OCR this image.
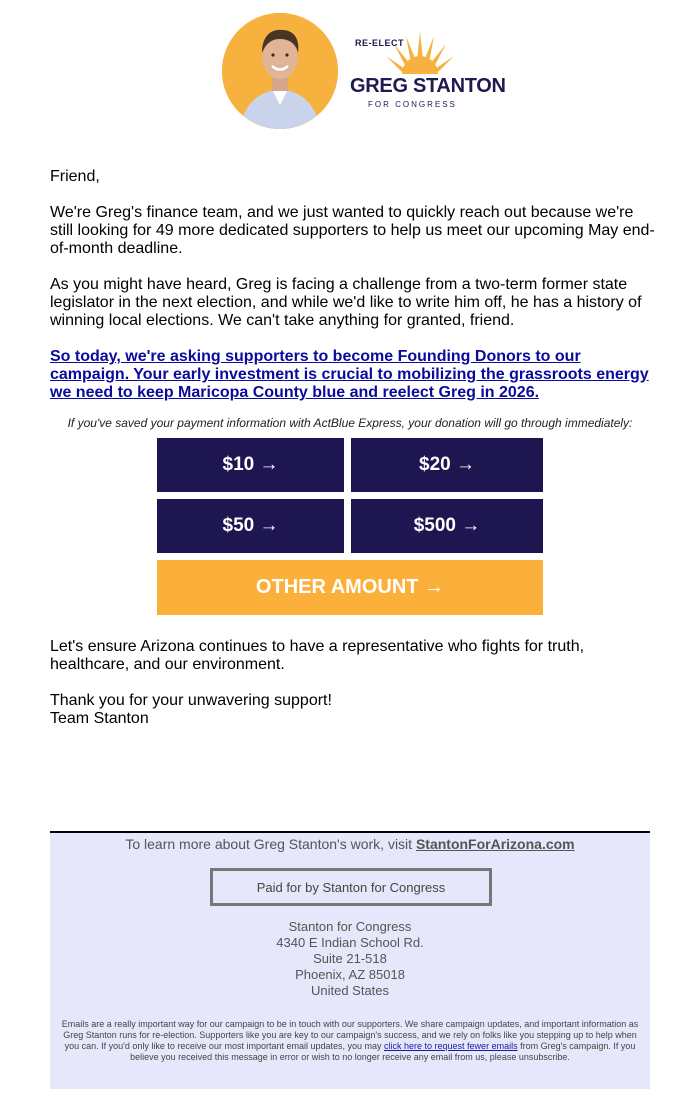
RE-ELECT
GREG STANTON
FOR CONGRESS

Friend,

We're Greg's finance team, and we just wanted to quickly reach out because we're still looking for 49 more dedicated supporters to help us meet our upcoming May end-of-month deadline.

As you might have heard, Greg is facing a challenge from a two-term former state legislator in the next election, and while we'd like to write him off, he has a history of winning local elections. We can't take anything for granted, friend.

So today, we're asking supporters to become Founding Donors to our campaign. Your early investment is crucial to mobilizing the grassroots energy we need to keep Maricopa County blue and reelect Greg in 2026.

If you've saved your payment information with ActBlue Express, your donation will go through immediately:
$10 →	$20 →
$50 →	$500 →
OTHER AMOUNT →

Let's ensure Arizona continues to have a representative who fights for truth, healthcare, and our environment.

Thank you for your unwavering support!

Team Stanton

To learn more about Greg Stanton's work, visit StantonForArizona.com
Paid for by Stanton for Congress
Stanton for Congress
4340 E Indian School Rd.
Suite 21-518
Phoenix, AZ 85018
United States
Emails are a really important way for our campaign to be in touch with our supporters. We share campaign updates, and important information as Greg Stanton runs for re-election. Supporters like you are key to our campaign's success, and we rely on folks like you stepping up to help when you can. If you'd only like to receive our most important email updates, you may click here to request fewer emails from Greg's campaign. If you believe you received this message in error or wish to no longer receive any email from us, please unsubscribe.
